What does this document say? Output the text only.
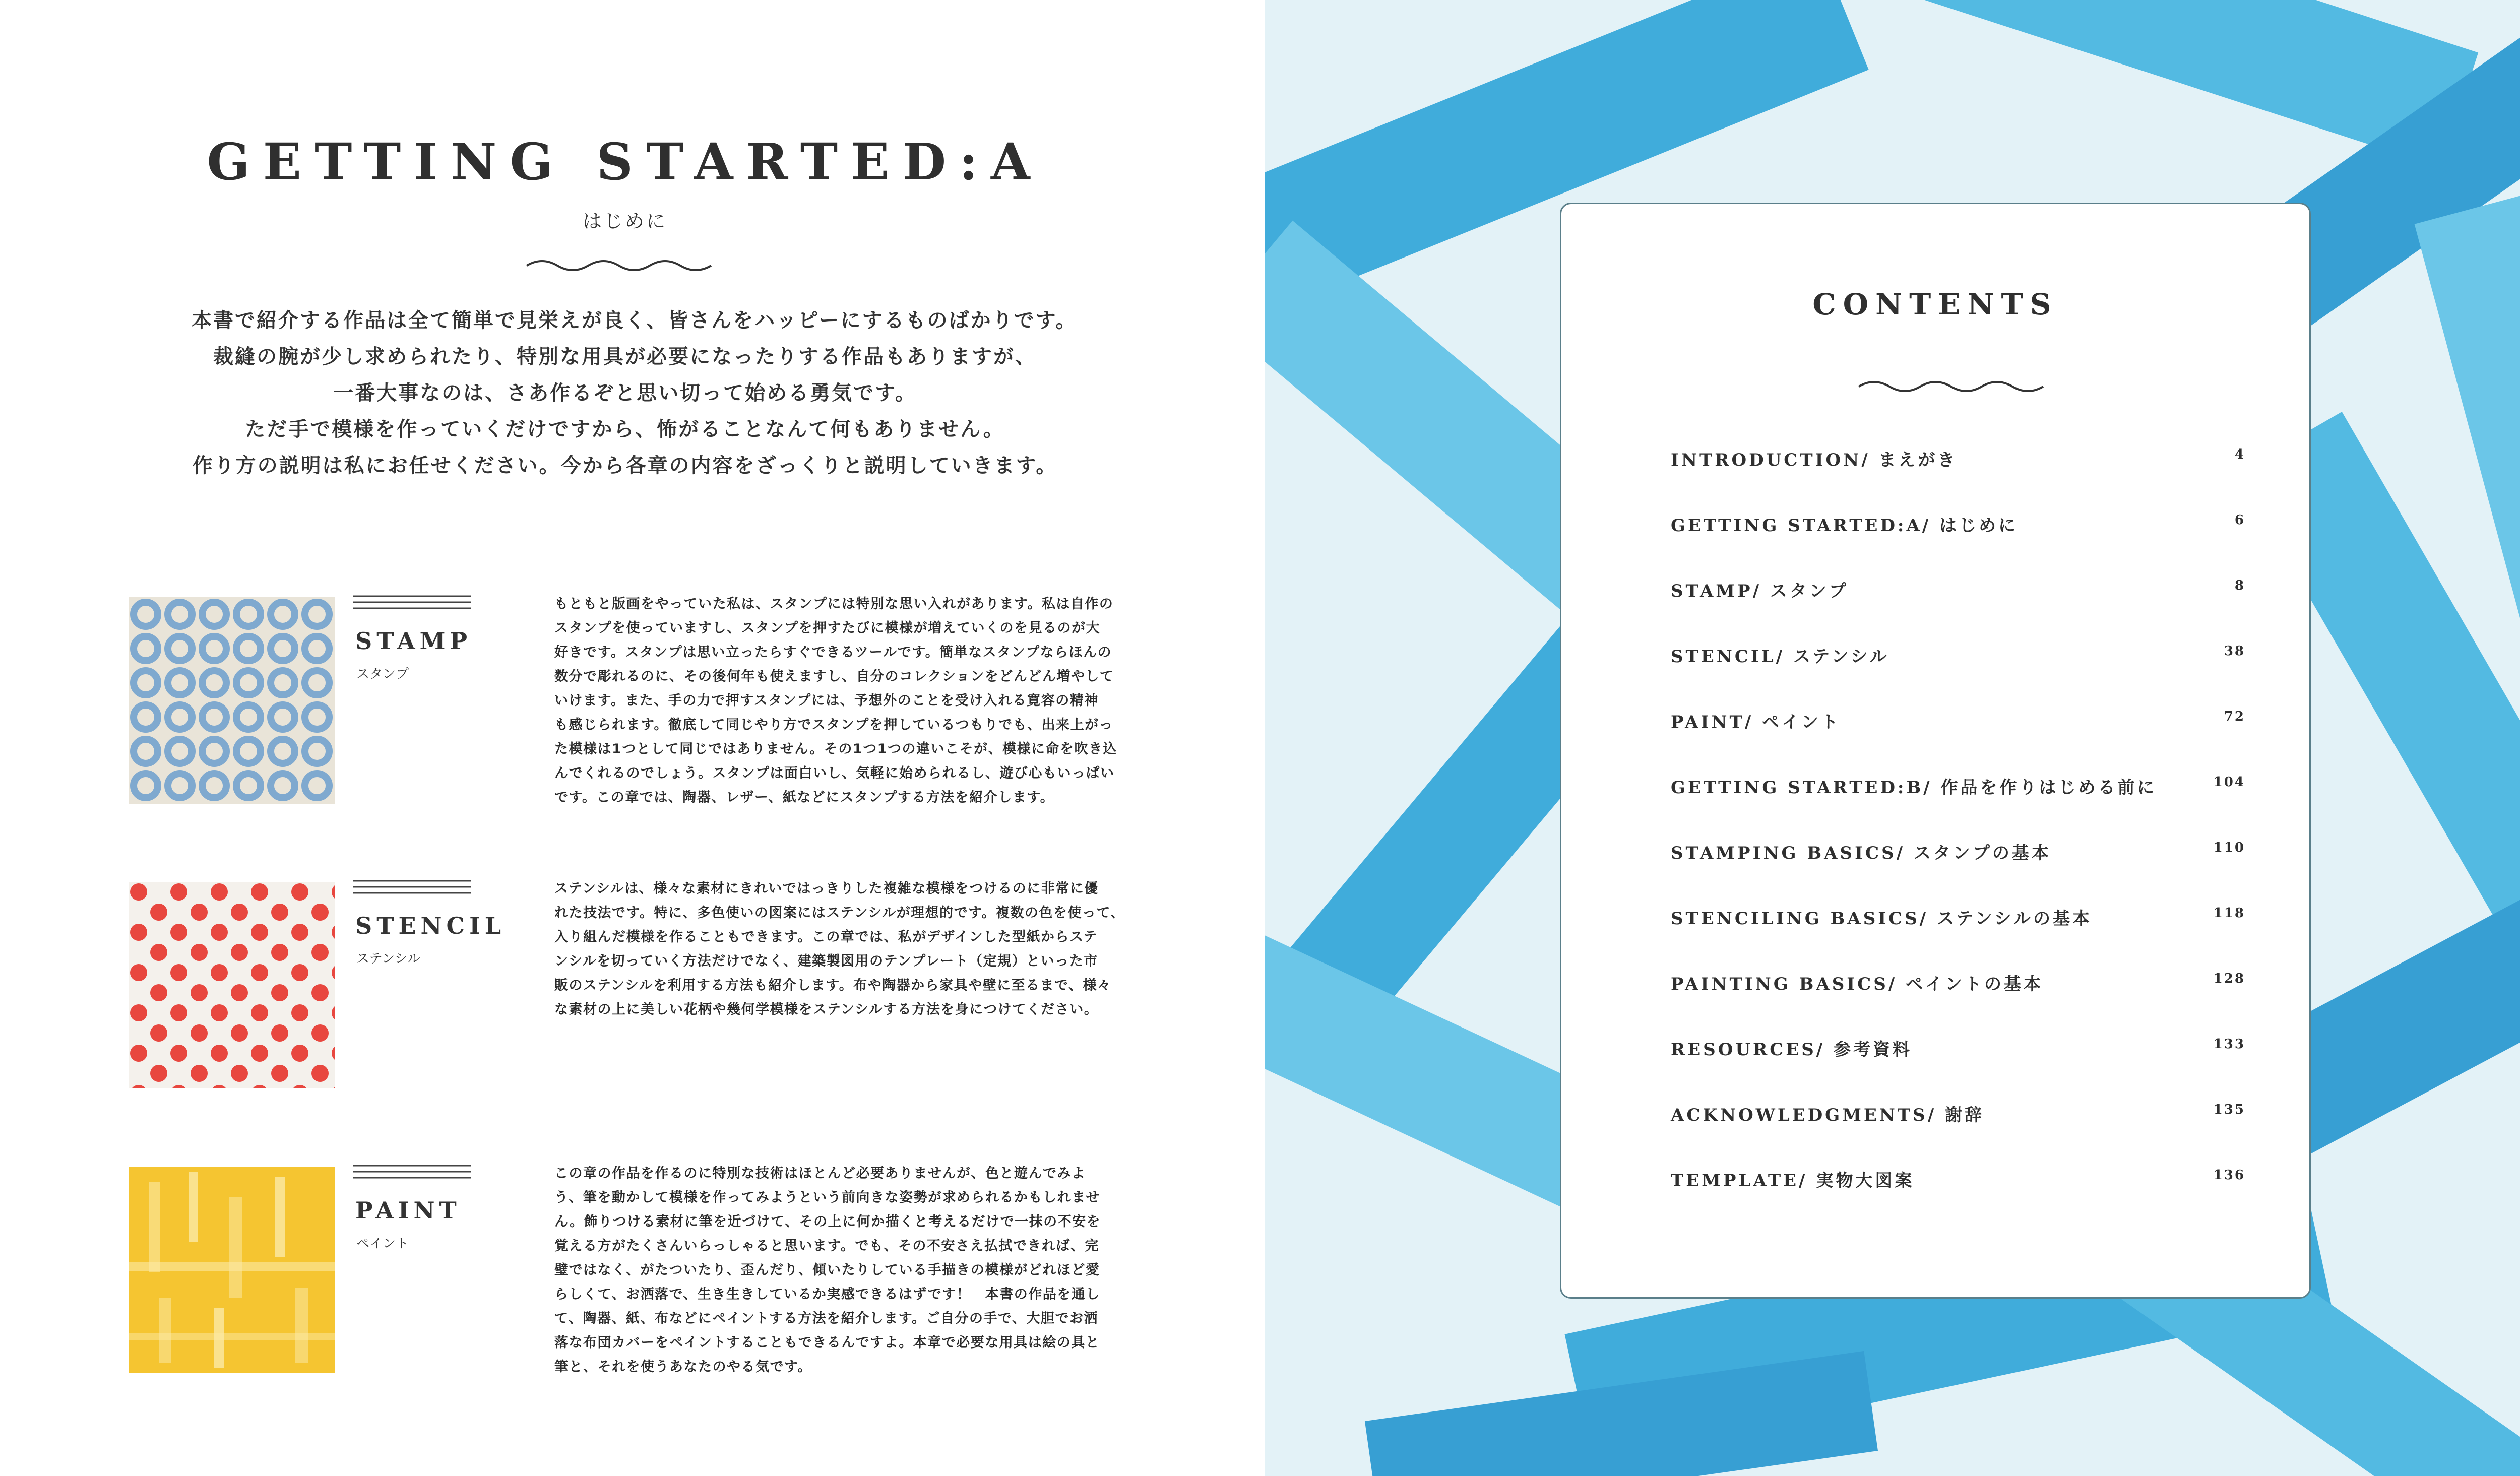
GETTING STARTED:A
はじめに
本書で紹介する作品は全て簡単で見栄えが良く、皆さんをハッピーにするものばかりです。
裁縫の腕が少し求められたり、特別な用具が必要になったりする作品もありますが、
一番大事なのは、さあ作るぞと思い切って始める勇気です。
ただ手で模様を作っていくだけですから、怖がることなんて何もありません。
作り方の説明は私にお任せください。今から各章の内容をざっくりと説明していきます。
STAMP
スタンプ
もともと版画をやっていた私は、スタンプには特別な思い入れがあります。私は自作の
スタンプを使っていますし、スタンプを押すたびに模様が増えていくのを見るのが大
好きです。スタンプは思い立ったらすぐできるツールです。簡単なスタンプならほんの
数分で彫れるのに、その後何年も使えますし、自分のコレクションをどんどん増やして
いけます。また、手の力で押すスタンプには、予想外のことを受け入れる寛容の精神
も感じられます。徹底して同じやり方でスタンプを押しているつもりでも、出来上がっ
た模様は1つとして同じではありません。その1つ1つの違いこそが、模様に命を吹き込
んでくれるのでしょう。スタンプは面白いし、気軽に始められるし、遊び心もいっぱい
です。この章では、陶器、レザー、紙などにスタンプする方法を紹介します。
STENCIL
ステンシル
ステンシルは、様々な素材にきれいではっきりした複雑な模様をつけるのに非常に優
れた技法です。特に、多色使いの図案にはステンシルが理想的です。複数の色を使って、
入り組んだ模様を作ることもできます。この章では、私がデザインした型紙からステ
ンシルを切っていく方法だけでなく、建築製図用のテンプレート（定規）といった市
販のステンシルを利用する方法も紹介します。布や陶器から家具や壁に至るまで、様々
な素材の上に美しい花柄や幾何学模様をステンシルする方法を身につけてください。
PAINT
ペイント
この章の作品を作るのに特別な技術はほとんど必要ありませんが、色と遊んでみよ
う、筆を動かして模様を作ってみようという前向きな姿勢が求められるかもしれませ
ん。飾りつける素材に筆を近づけて、その上に何か描くと考えるだけで一抹の不安を
覚える方がたくさんいらっしゃると思います。でも、その不安さえ払拭できれば、完
璧ではなく、がたついたり、歪んだり、傾いたりしている手描きの模様がどれほど愛
らしくて、お洒落で、生き生きしているか実感できるはずです！　本書の作品を通し
て、陶器、紙、布などにペイントする方法を紹介します。ご自分の手で、大胆でお洒
落な布団カバーをペイントすることもできるんですよ。本章で必要な用具は絵の具と
筆と、それを使うあなたのやる気です。
CONTENTS
INTRODUCTION/ まえがき	4
GETTING STARTED:A/ はじめに	6
STAMP/ スタンプ	8
STENCIL/ ステンシル	38
PAINT/ ペイント	72
GETTING STARTED:B/ 作品を作りはじめる前に	104
STAMPING BASICS/ スタンプの基本	110
STENCILING BASICS/ ステンシルの基本	118
PAINTING BASICS/ ペイントの基本	128
RESOURCES/ 参考資料	133
ACKNOWLEDGMENTS/ 謝辞	135
TEMPLATE/ 実物大図案	136
